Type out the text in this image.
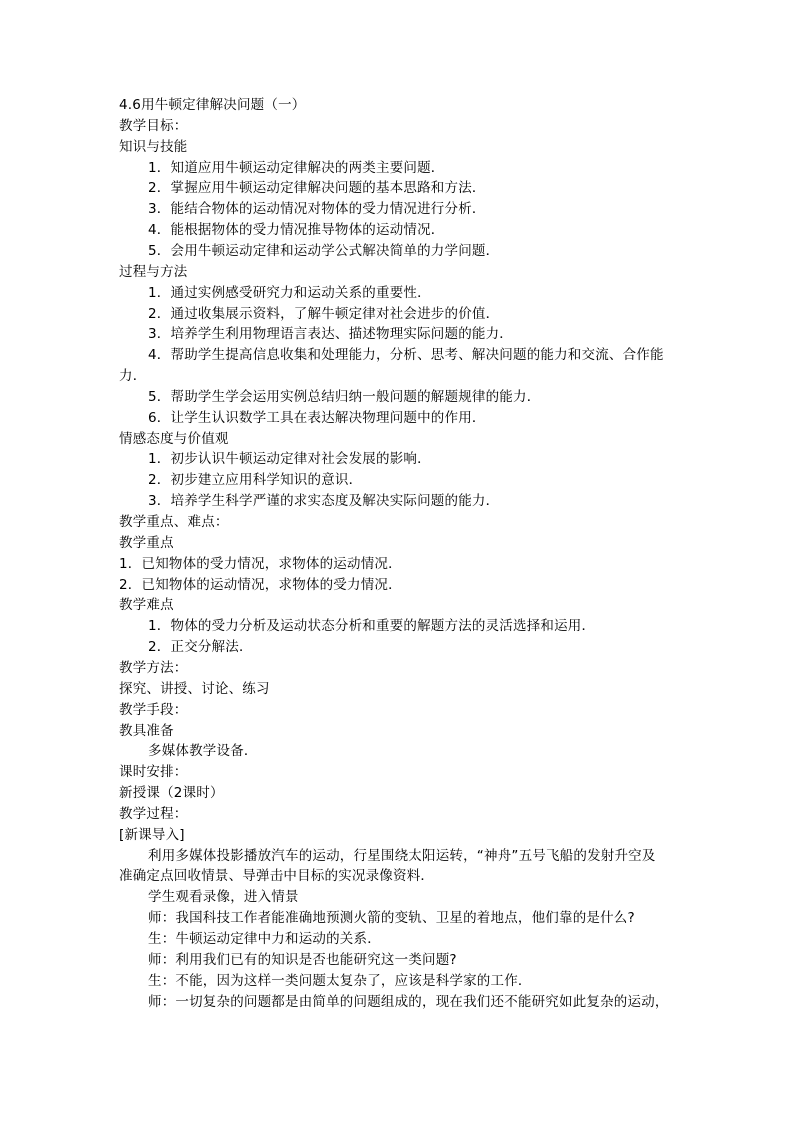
4.6用牛顿定律解决问题（一）
教学目标：
知识与技能
1．知道应用牛顿运动定律解决的两类主要问题．
2．掌握应用牛顿运动定律解决问题的基本思路和方法．
3．能结合物体的运动情况对物体的受力情况进行分析．
4．能根据物体的受力情况推导物体的运动情况．
5．会用牛顿运动定律和运动学公式解决简单的力学问题．
过程与方法
1．通过实例感受研究力和运动关系的重要性．
2．通过收集展示资料，了解牛顿定律对社会进步的价值．
3．培养学生利用物理语言表达、描述物理实际问题的能力．
4．帮助学生提高信息收集和处理能力，分析、思考、解决问题的能力和交流、合作能
力．
5．帮助学生学会运用实例总结归纳一般问题的解题规律的能力．
6．让学生认识数学工具在表达解决物理问题中的作用．
情感态度与价值观
1．初步认识牛顿运动定律对社会发展的影响．
2．初步建立应用科学知识的意识．
3．培养学生科学严谨的求实态度及解决实际问题的能力．
教学重点、难点：
教学重点
1．已知物体的受力情况，求物体的运动情况．
2．已知物体的运动情况，求物体的受力情况．
教学难点
1．物体的受力分析及运动状态分析和重要的解题方法的灵活选择和运用．
2．正交分解法．
教学方法：
探究、讲授、讨论、练习
教学手段：
教具准备
多媒体教学设备．
课时安排：
新授课（2课时）
教学过程：
[新课导入]
利用多媒体投影播放汽车的运动，行星围绕太阳运转，“神舟”五号飞船的发射升空及
准确定点回收情景、导弹击中目标的实况录像资料．
学生观看录像，进入情景
师：我国科技工作者能准确地预测火箭的变轨、卫星的着地点，他们靠的是什么?
生：牛顿运动定律中力和运动的关系．
师：利用我们已有的知识是否也能研究这一类问题?
生：不能，因为这样一类问题太复杂了，应该是科学家的工作．
师：一切复杂的问题都是由简单的问题组成的，现在我们还不能研究如此复杂的运动，
